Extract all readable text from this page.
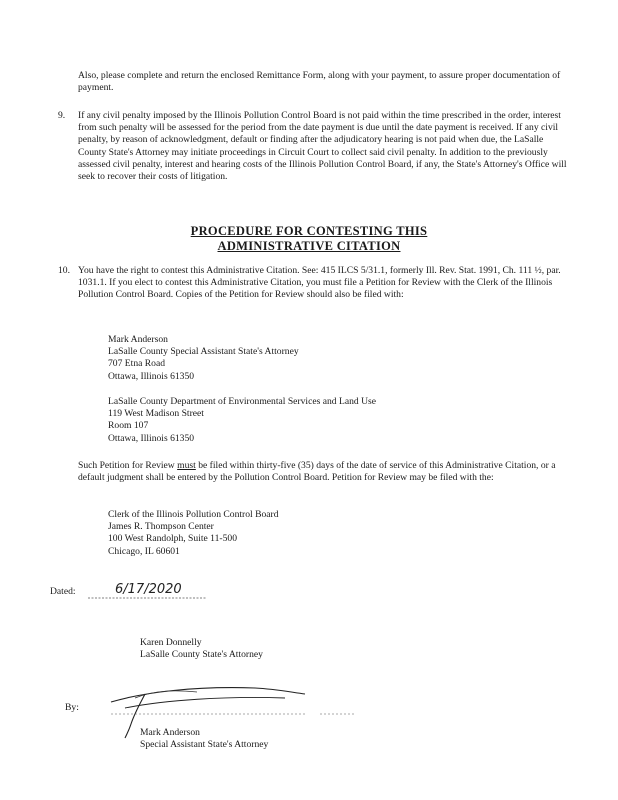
Also, please complete and return the enclosed Remittance Form, along with your payment, to assure proper documentation of payment.

9. If any civil penalty imposed by the Illinois Pollution Control Board is not paid within the time prescribed in the order, interest from such penalty will be assessed for the period from the date payment is due until the date payment is received. If any civil penalty, by reason of acknowledgment, default or finding after the adjudicatory hearing is not paid when due, the LaSalle County State's Attorney may initiate proceedings in Circuit Court to collect said civil penalty. In addition to the previously assessed civil penalty, interest and hearing costs of the Illinois Pollution Control Board, if any, the State's Attorney's Office will seek to recover their costs of litigation.

PROCEDURE FOR CONTESTING THIS
ADMINISTRATIVE CITATION
10. You have the right to contest this Administrative Citation. See: 415 ILCS 5/31.1, formerly Ill. Rev. Stat. 1991, Ch. 111 ½, par. 1031.1. If you elect to contest this Administrative Citation, you must file a Petition for Review with the Clerk of the Illinois Pollution Control Board. Copies of the Petition for Review should also be filed with:

Mark Anderson
LaSalle County Special Assistant State's Attorney
707 Etna Road
Ottawa, Illinois 61350
LaSalle County Department of Environmental Services and Land Use
119 West Madison Street
Room 107
Ottawa, Illinois 61350

Such Petition for Review must be filed within thirty-five (35) days of the date of service of this Administrative Citation, or a default judgment shall be entered by the Pollution Control Board. Petition for Review may be filed with the:

Clerk of the Illinois Pollution Control Board
James R. Thompson Center
100 West Randolph, Suite 11-500
Chicago, IL 60601
Dated:	6/17/2020
Karen Donnelly
LaSalle County State's Attorney
By:
Mark Anderson
Special Assistant State's Attorney
